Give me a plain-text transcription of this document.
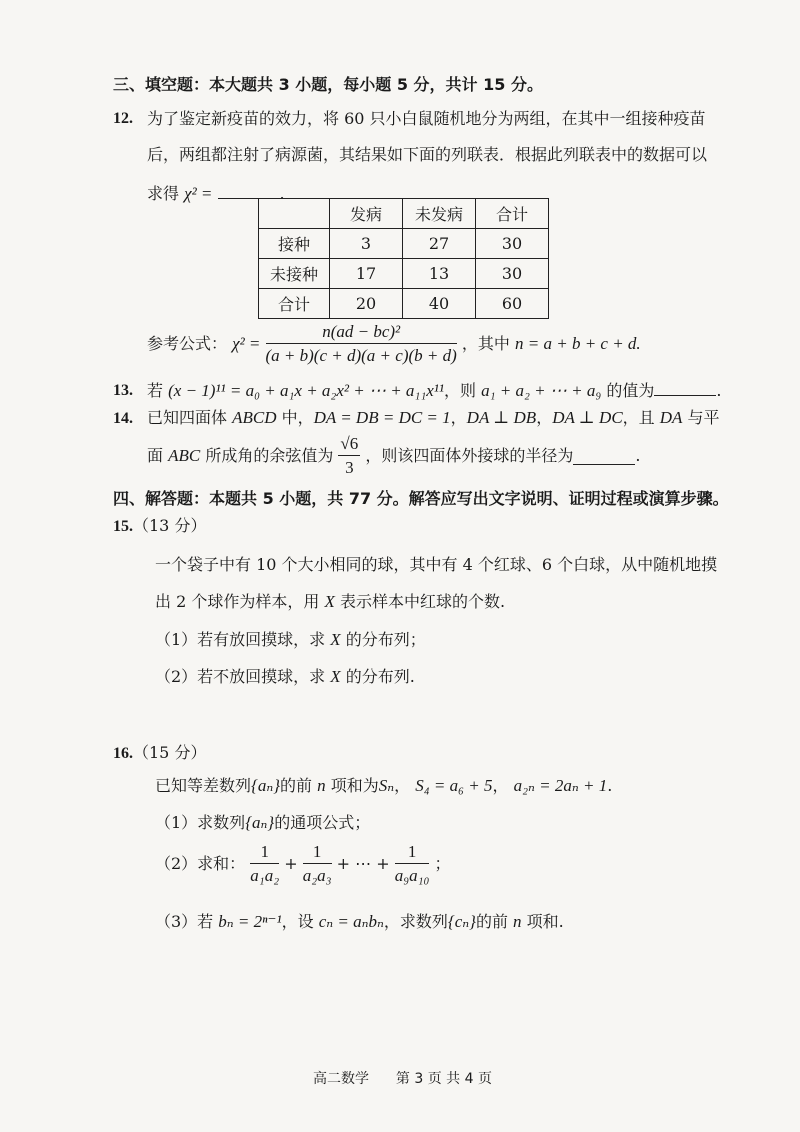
三、填空题：本大题共 3 小题，每小题 5 分，共计 15 分。
12. 为了鉴定新疫苗的效力，将 60 只小白鼠随机地分为两组，在其中一组接种疫苗
后，两组都注射了病源菌，其结果如下面的列联表．根据此列联表中的数据可以
求得 χ² =	.
	发病	未发病	合计
接种	3	27	30
未接种	17	13	30
合计	20	40	60
参考公式： $\chi^2 = \frac{\text{n(ad − bc)²}}{(a + b)(c + d)(a + c)(b + d)}$ ，其中 n = a + b + c + d.
13. 若 (x − 1)¹¹ = a₀ + a₁x + a₂x² + ⋯ + a₁₁x¹¹，则 a₁ + a₂ + ⋯ + a₉ 的值为	.
14. 已知四面体 ABCD 中，DA = DB = DC = 1，DA ⊥ DB，DA ⊥ DC，且 DA 与平
面 ABC 所成角的余弦值为 $\frac{√6}{3}$ ，则该四面体外接球的半径为	.
四、解答题：本题共 5 小题，共 77 分。解答应写出文字说明、证明过程或演算步骤。
15.（13 分）
一个袋子中有 10 个大小相同的球，其中有 4 个红球、6 个白球，从中随机地摸
出 2 个球作为样本，用 X 表示样本中红球的个数.
（1）若有放回摸球，求 X 的分布列；
（2）若不放回摸球，求 X 的分布列.
16.（15 分）
已知等差数列{aₙ}的前 n 项和为Sₙ， S₄ = a₆ + 5， a₂ₙ = 2aₙ + 1.
（1）求数列{aₙ}的通项公式；
（2）求和： $\frac{1}{\text{a₁a₂}} + \frac{1}{\text{a₂a₃}}$ + ⋯ + $\frac{1}{\text{a₉a₁₀}}$ ；
（3）若 bₙ = 2ⁿ⁻¹，设 cₙ = aₙbₙ，求数列{cₙ}的前 n 项和.
高二数学 第 3 页 共 4 页
